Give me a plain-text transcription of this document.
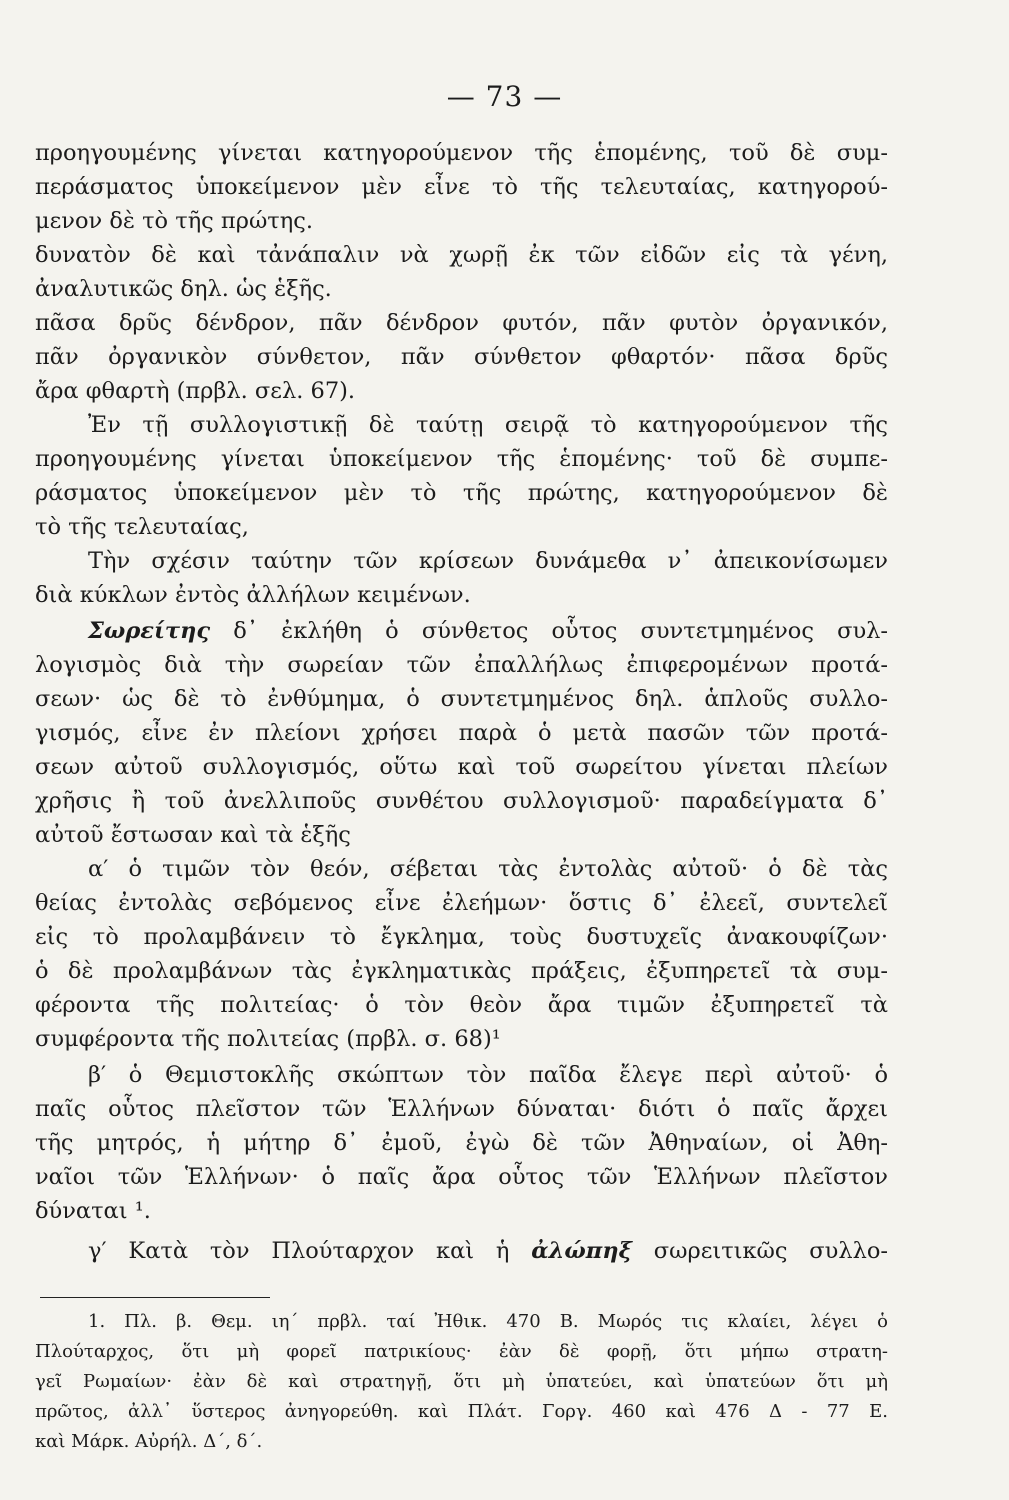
— 73 —
προηγουμένης γίνεται κατηγορούμενον τῆς ἑπομένης, τοῦ δὲ συμ-
περάσματος ὑποκείμενον μὲν εἶνε τὸ τῆς τελευταίας, κατηγορού-
μενον δὲ τὸ τῆς πρώτης.
δυνατὸν δὲ καὶ τἀνάπαλιν νὰ χωρῇ ἐκ τῶν εἰδῶν εἰς τὰ γένη,
ἀναλυτικῶς δηλ. ὡς ἑξῆς.
πᾶσα δρῦς δένδρον, πᾶν δένδρον φυτόν, πᾶν φυτὸν ὀργανικόν,
πᾶν ὀργανικὸν σύνθετον, πᾶν σύνθετον φθαρτόν· πᾶσα δρῦς
ἄρα φθαρτὴ (πρβλ. σελ. 67).
Ἐν τῇ συλλογιστικῇ δὲ ταύτῃ σειρᾷ τὸ κατηγορούμενον τῆς
προηγουμένης γίνεται ὑποκείμενον τῆς ἑπομένης· τοῦ δὲ συμπε-
ράσματος ὑποκείμενον μὲν τὸ τῆς πρώτης, κατηγορούμενον δὲ
τὸ τῆς τελευταίας,
Τὴν σχέσιν ταύτην τῶν κρίσεων δυνάμεθα ν᾽ ἀπεικονίσωμεν
διὰ κύκλων ἐντὸς ἀλλήλων κειμένων.
Σωρείτης δ᾽ ἐκλήθη ὁ σύνθετος οὗτος συντετμημένος συλ-
λογισμὸς διὰ τὴν σωρείαν τῶν ἐπαλλήλως ἐπιφερομένων προτά-
σεων· ὡς δὲ τὸ ἐνθύμημα, ὁ συντετμημένος δηλ. ἁπλοῦς συλλο-
γισμός, εἶνε ἐν πλείονι χρήσει παρὰ ὁ μετὰ πασῶν τῶν προτά-
σεων αὐτοῦ συλλογισμός, οὕτω καὶ τοῦ σωρείτου γίνεται πλείων
χρῆσις ἢ τοῦ ἀνελλιποῦς συνθέτου συλλογισμοῦ· παραδείγματα δ᾽
αὐτοῦ ἔστωσαν καὶ τὰ ἑξῆς
α′ ὁ τιμῶν τὸν θεόν, σέβεται τὰς ἐντολὰς αὐτοῦ· ὁ δὲ τὰς
θείας ἐντολὰς σεβόμενος εἶνε ἐλεήμων· ὅστις δ᾽ ἐλεεῖ, συντελεῖ
εἰς τὸ προλαμβάνειν τὸ ἔγκλημα, τοὺς δυστυχεῖς ἀνακουφίζων·
ὁ δὲ προλαμβάνων τὰς ἐγκληματικὰς πράξεις, ἐξυπηρετεῖ τὰ συμ-
φέροντα τῆς πολιτείας· ὁ τὸν θεὸν ἄρα τιμῶν ἐξυπηρετεῖ τὰ
συμφέροντα τῆς πολιτείας (πρβλ. σ. 68)¹
β′ ὁ Θεμιστοκλῆς σκώπτων τὸν παῖδα ἔλεγε περὶ αὐτοῦ· ὁ
παῖς οὗτος πλεῖστον τῶν Ἑλλήνων δύναται· διότι ὁ παῖς ἄρχει
τῆς μητρός, ἡ μήτηρ δ᾽ ἐμοῦ, ἐγὼ δὲ τῶν Ἀθηναίων, οἱ Ἀθη-
ναῖοι τῶν Ἑλλήνων· ὁ παῖς ἄρα οὗτος τῶν Ἑλλήνων πλεῖστον
δύναται ¹.
γ′ Κατὰ τὸν Πλούταρχον καὶ ἡ ἀλώπηξ σωρειτικῶς συλλο-
1. Πλ. β. Θεμ. ιη΄ πρβλ. ταί Ἠθικ. 470 Β. Μωρός τις κλαίει, λέγει ὁ
Πλούταρχος, ὅτι μὴ φορεῖ πατρικίους· ἐὰν δὲ φορῇ, ὅτι μήπω στρατη-
γεῖ Ρωμαίων· ἐὰν δὲ καὶ στρατηγῇ, ὅτι μὴ ὑπατεύει, καὶ ὑπατεύων ὅτι μὴ
πρῶτος, ἀλλ᾽ ὕστερος ἀνηγορεύθη. καὶ Πλάτ. Γοργ. 460 καὶ 476 Δ - 77 Ε.
καὶ Μάρκ. Αὐρήλ. Δ΄, δ΄.
